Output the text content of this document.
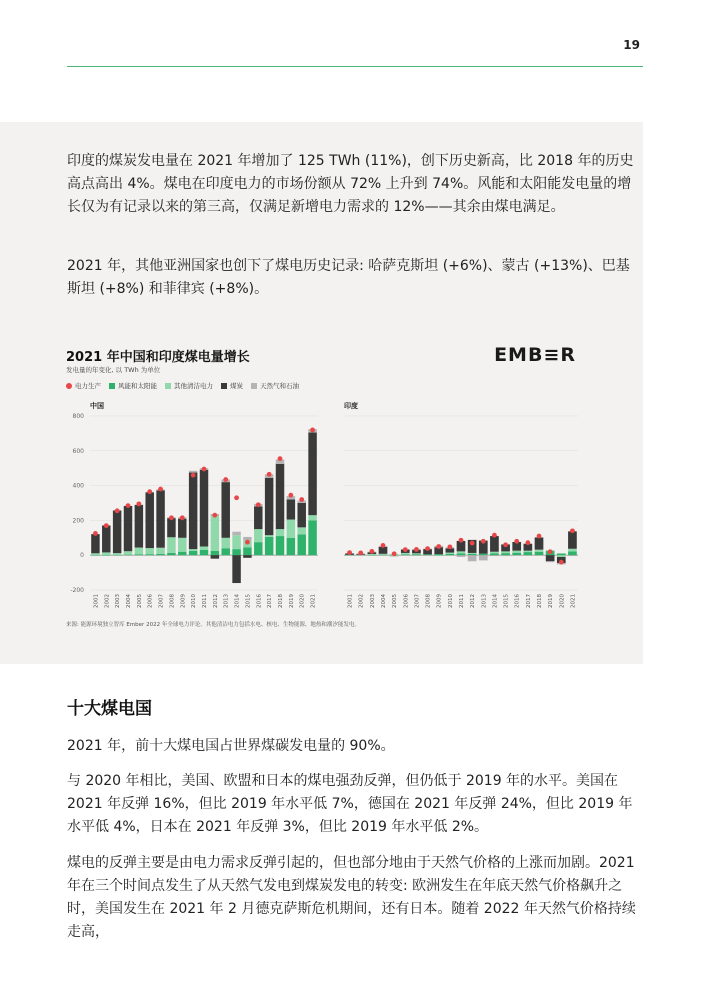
19

印度的煤炭发电量在 2021 年增加了 125 TWh (11%)，创下历史新高，比 2018 年的历史高点高出 4%。煤电在印度电力的市场份额从 72% 上升到 74%。风能和太阳能发电量的增长仅为有记录以来的第三高，仅满足新增电力需求的 12%——其余由煤电满足。

2021 年，其他亚洲国家也创下了煤电历史记录: 哈萨克斯坦 (+6%)、蒙古 (+13%)、巴基斯坦 (+8%) 和菲律宾 (+8%)。

2021 年中国和印度煤电量增长
发电量的年变化, 以 TWh 为单位
EMB≡R
电力生产	风能和太阳能	其他清洁电力	煤炭	天然气和石油
800
600
400
200
0
-200
中国
2001 2002 2003 2004 2005 2006 2007 2008 2009 2010 2011 2012 2013 2014 2015 2016 2017 2018 2019 2020 2021
印度
2001 2002 2003 2004 2005 2006 2007 2008 2009 2010 2011 2012 2013 2014 2015 2016 2017 2018 2019 2020 2021
来源: 能源环境独立智库 Ember 2022 年全球电力评论。其他清洁电力包括水电、核电、生物能源、地热和潮汐能发电。
十大煤电国

2021 年，前十大煤电国占世界煤碳发电量的 90%。

与 2020 年相比，美国、欧盟和日本的煤电强劲反弹，但仍低于 2019 年的水平。美国在 2021 年反弹 16%，但比 2019 年水平低 7%，德国在 2021 年反弹 24%，但比 2019 年水平低 4%，日本在 2021 年反弹 3%，但比 2019 年水平低 2%。

煤电的反弹主要是由电力需求反弹引起的，但也部分地由于天然气价格的上涨而加剧。2021 年在三个时间点发生了从天然气发电到煤炭发电的转变: 欧洲发生在年底天然气价格飙升之时，美国发生在 2021 年 2 月德克萨斯危机期间，还有日本。随着 2022 年天然气价格持续走高，
